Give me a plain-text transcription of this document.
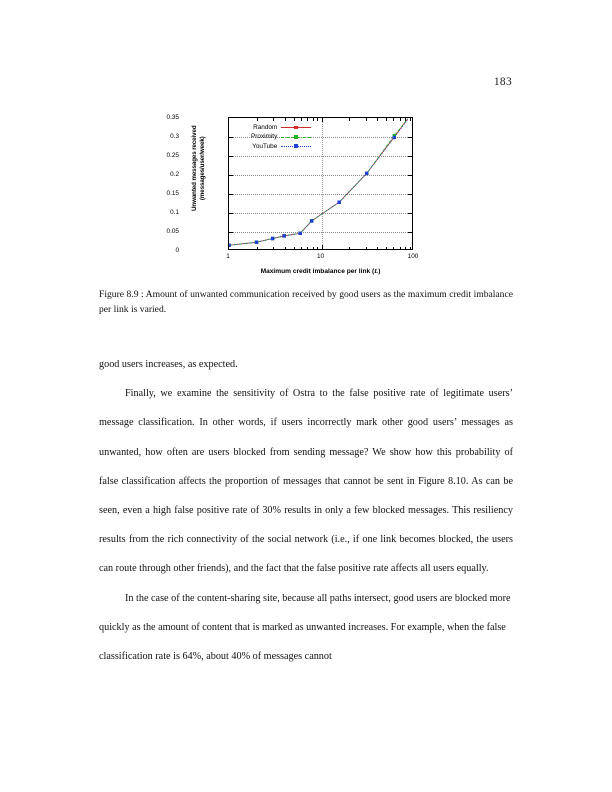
183
Unwanted messages received
(messages/user/week)
0.35
0.3
0.25
0.2
0.15
0.1
0.05
0
Random
Proximity
YouTube
1	10	100
Maximum credit imbalance per link (L)
Figure 8.9 : Amount of unwanted communication received by good users as the maximum credit imbalance per link is varied.

good users increases, as expected.

Finally, we examine the sensitivity of Ostra to the false positive rate of legitimate users’ message classification. In other words, if users incorrectly mark other good users’ messages as unwanted, how often are users blocked from sending message? We show how this probability of false classification affects the proportion of messages that cannot be sent in Figure 8.10. As can be seen, even a high false positive rate of 30% results in only a few blocked messages. This resiliency results from the rich connectivity of the social network (i.e., if one link becomes blocked, the users can route through other friends), and the fact that the false positive rate affects all users equally.

In the case of the content-sharing site, because all paths intersect, good users are blocked more quickly as the amount of content that is marked as unwanted increases. For example, when the false classification rate is 64%, about 40% of messages cannot
